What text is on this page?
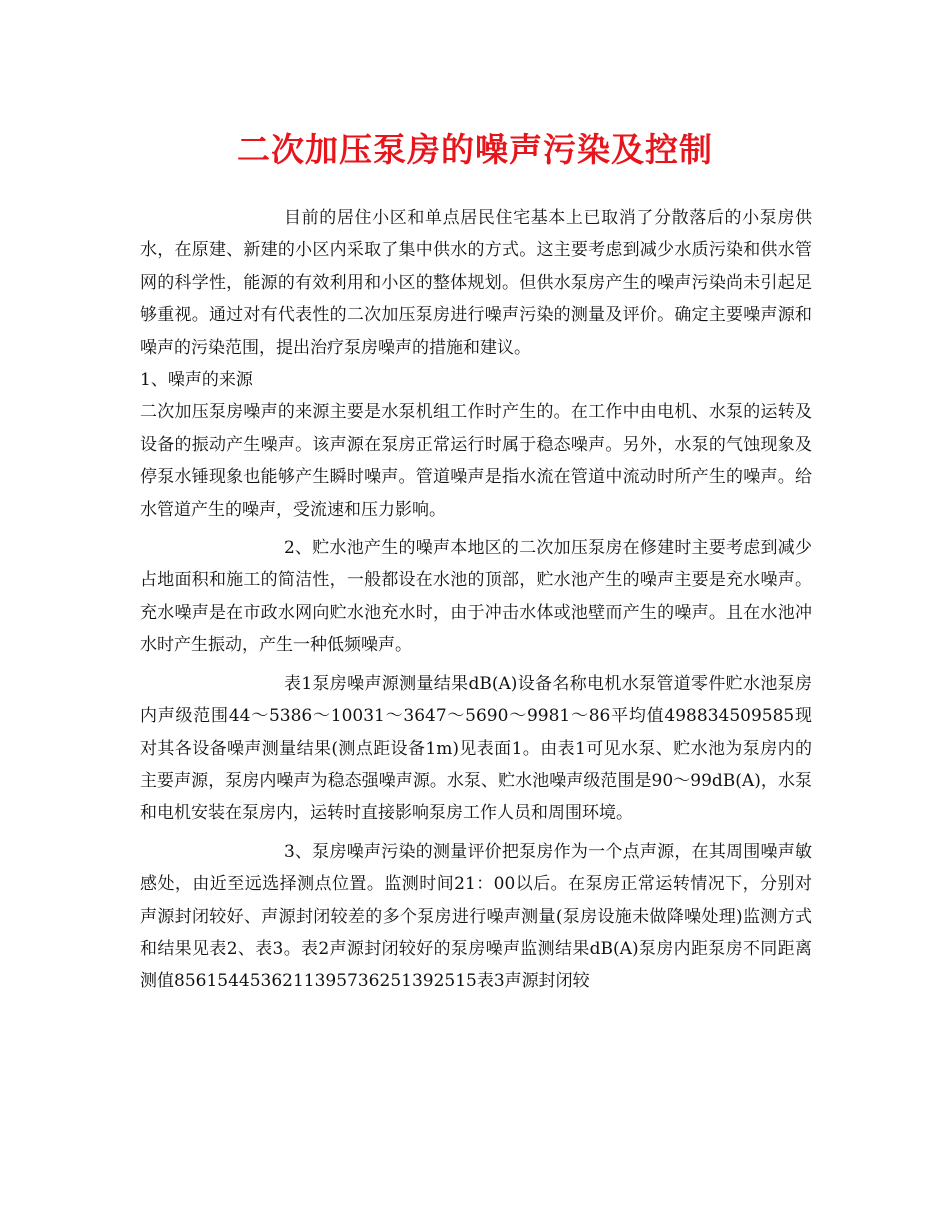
二次加压泵房的噪声污染及控制

目前的居住小区和单点居民住宅基本上已取消了分散落后的小泵房供水，在原建、新建的小区内采取了集中供水的方式。这主要考虑到减少水质污染和供水管网的科学性，能源的有效利用和小区的整体规划。但供水泵房产生的噪声污染尚未引起足够重视。通过对有代表性的二次加压泵房进行噪声污染的测量及评价。确定主要噪声源和噪声的污染范围，提出治疗泵房噪声的措施和建议。

1、噪声的来源

二次加压泵房噪声的来源主要是水泵机组工作时产生的。在工作中由电机、水泵的运转及设备的振动产生噪声。该声源在泵房正常运行时属于稳态噪声。另外，水泵的气蚀现象及停泵水锤现象也能够产生瞬时噪声。管道噪声是指水流在管道中流动时所产生的噪声。给水管道产生的噪声，受流速和压力影响。

2、贮水池产生的噪声本地区的二次加压泵房在修建时主要考虑到减少占地面积和施工的简洁性，一般都设在水池的顶部，贮水池产生的噪声主要是充水噪声。充水噪声是在市政水网向贮水池充水时，由于冲击水体或池壁而产生的噪声。且在水池冲水时产生振动，产生一种低频噪声。

表1泵房噪声源测量结果dB(A)设备名称电机水泵管道零件贮水池泵房内声级范围44～5386～10031～3647～5690～9981～86平均值498834509585现对其各设备噪声测量结果(测点距设备1m)见表面1。由表1可见水泵、贮水池为泵房内的主要声源，泵房内噪声为稳态强噪声源。水泵、贮水池噪声级范围是90～99dB(A)，水泵和电机安装在泵房内，运转时直接影响泵房工作人员和周围环境。

3、泵房噪声污染的测量评价把泵房作为一个点声源，在其周围噪声敏感处，由近至远选择测点位置。监测时间21：00以后。在泵房正常运转情况下，分别对声源封闭较好、声源封闭较差的多个泵房进行噪声测量(泵房设施未做降噪处理)监测方式和结果见表2、表3。表2声源封闭较好的泵房噪声监测结果dB(A)泵房内距泵房不同距离测值8561544536211395736251392515表3声源封闭较
